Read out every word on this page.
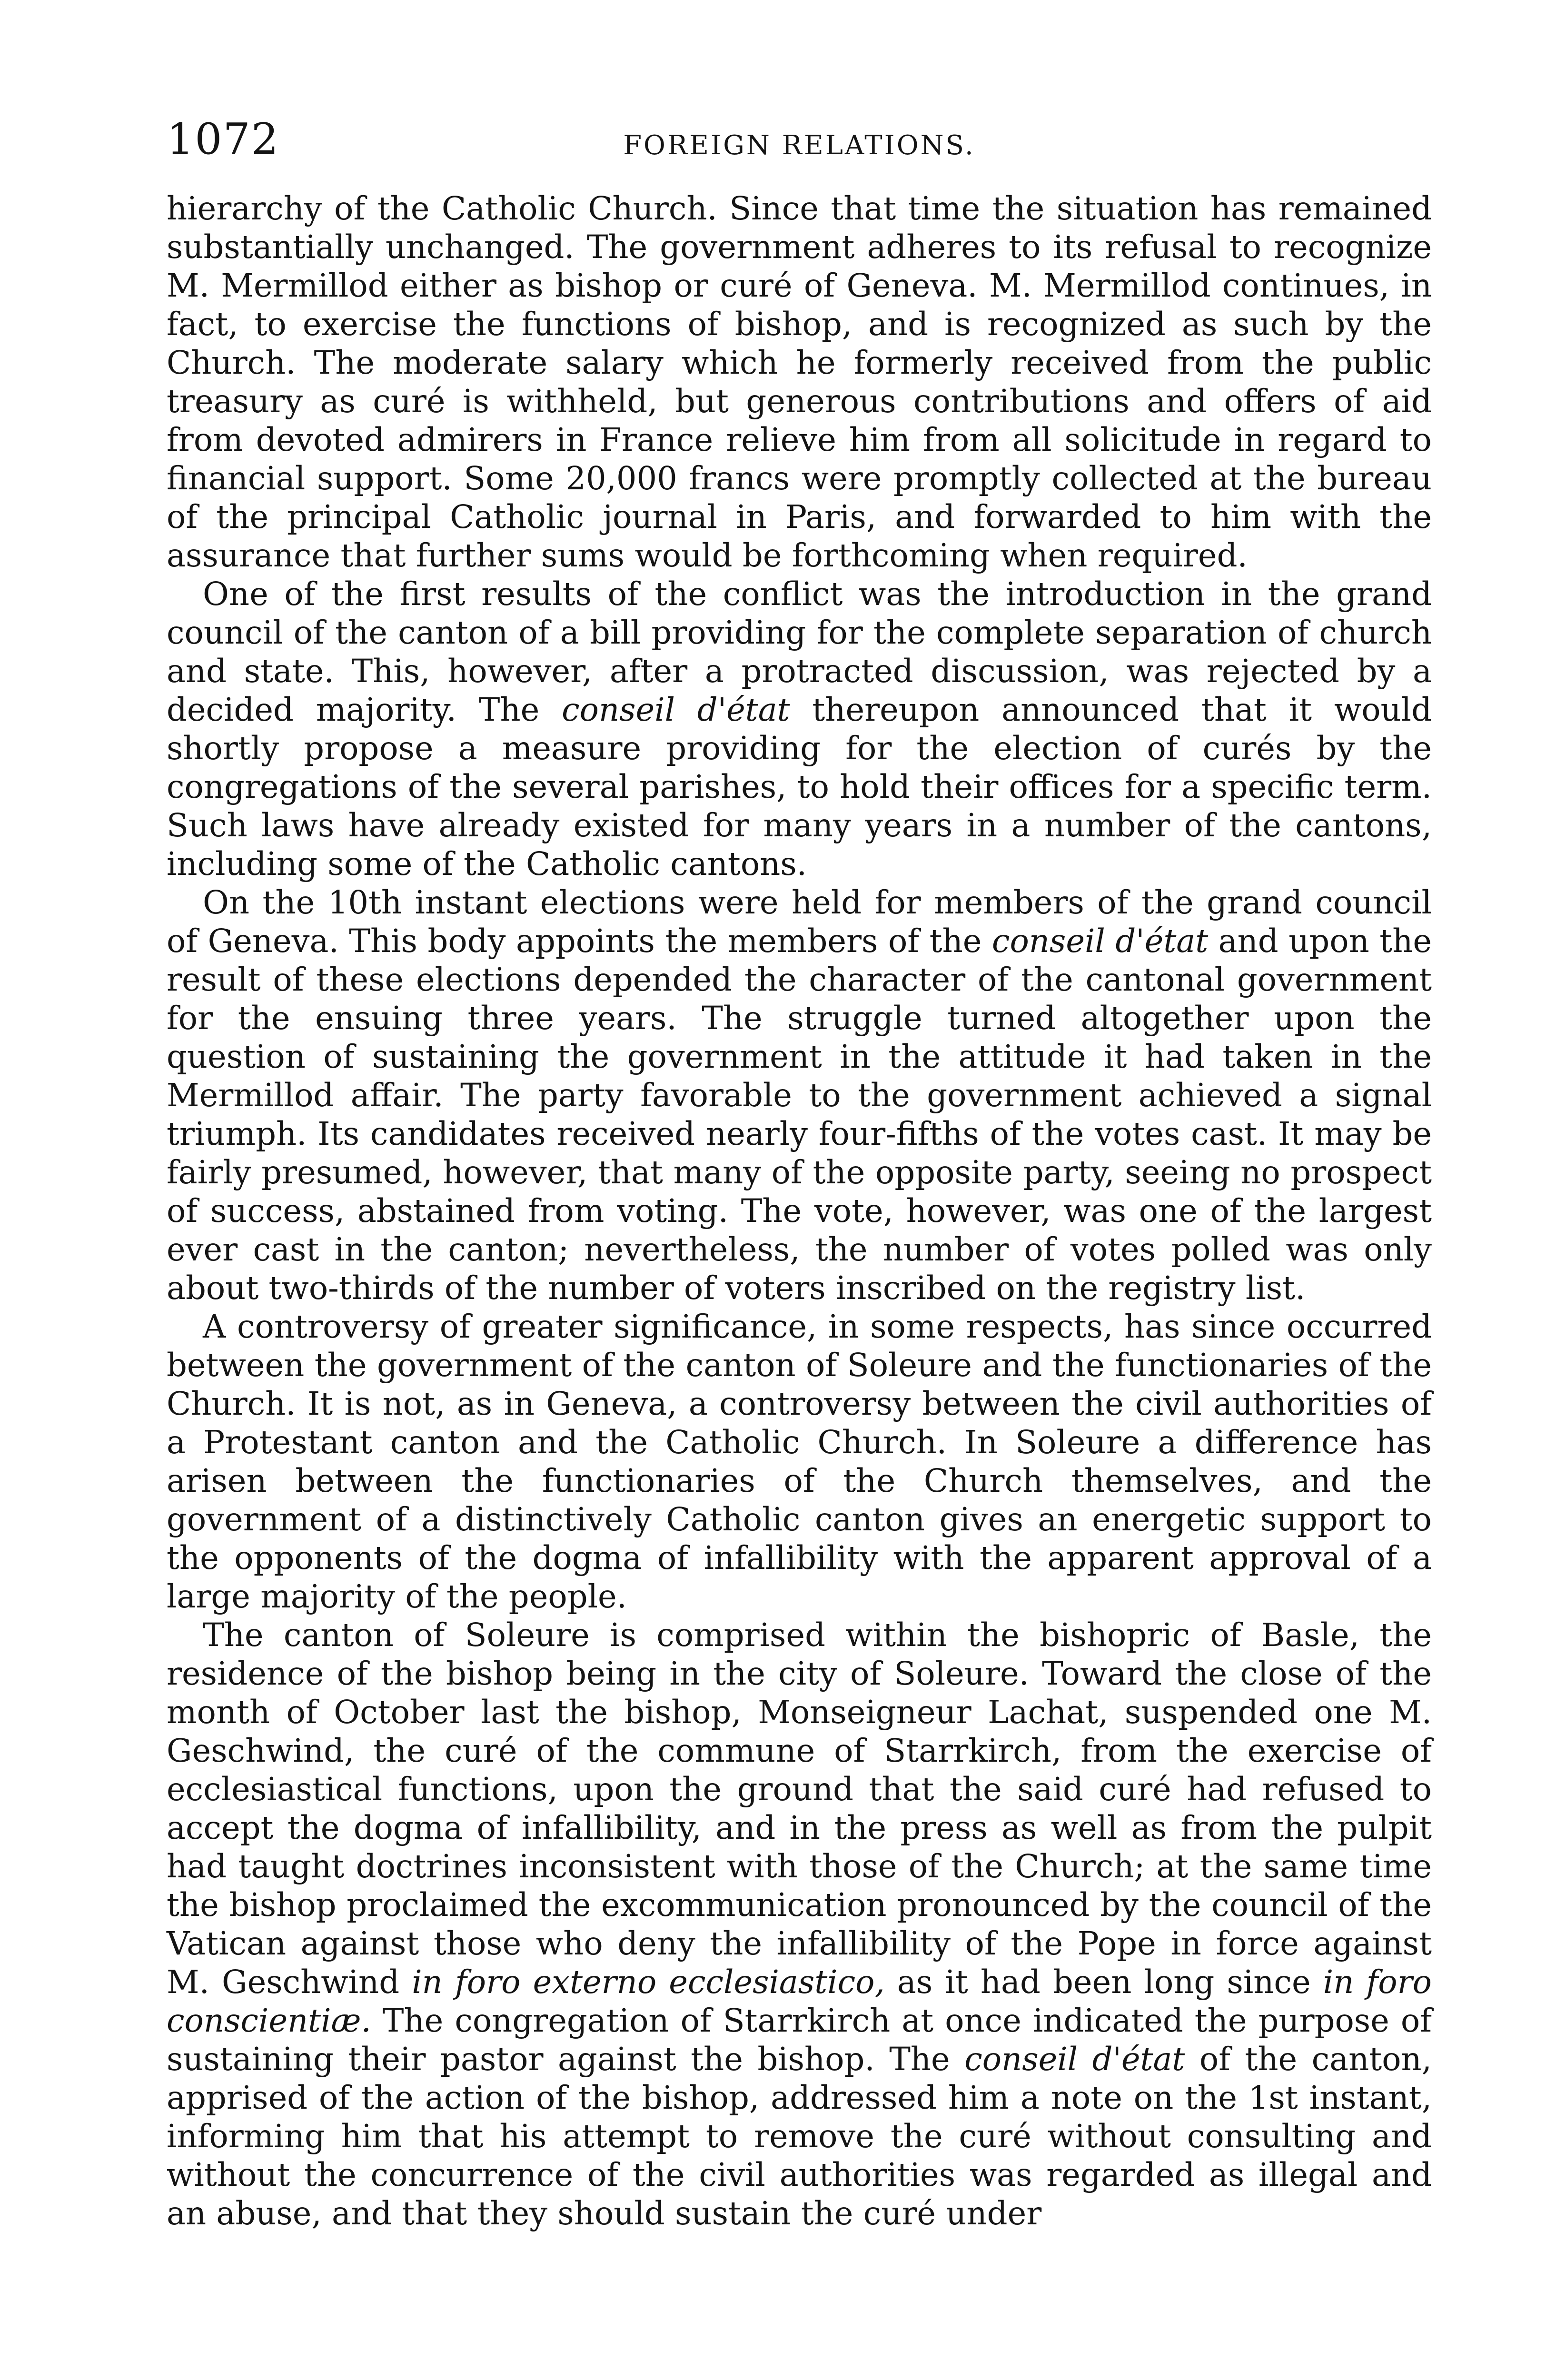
1072	FOREIGN RELATIONS.

hierarchy of the Catholic Church. Since that time the situation has remained substantially unchanged. The government adheres to its refusal to recognize M. Mermillod either as bishop or curé of Geneva. M. Mermillod continues, in fact, to exercise the functions of bishop, and is recognized as such by the Church. The moderate salary which he formerly received from the public treasury as curé is withheld, but generous contributions and offers of aid from devoted admirers in France relieve him from all solicitude in regard to financial support. Some 20,000 francs were promptly collected at the bureau of the principal Catholic journal in Paris, and forwarded to him with the assurance that further sums would be forthcoming when required.

One of the first results of the conflict was the introduction in the grand council of the canton of a bill providing for the complete separation of church and state. This, however, after a protracted discussion, was rejected by a decided majority. The conseil d'état thereupon announced that it would shortly propose a measure providing for the election of curés by the congregations of the several parishes, to hold their offices for a specific term. Such laws have already existed for many years in a number of the cantons, including some of the Catholic cantons.

On the 10th instant elections were held for members of the grand council of Geneva. This body appoints the members of the conseil d'état and upon the result of these elections depended the character of the cantonal government for the ensuing three years. The struggle turned altogether upon the question of sustaining the government in the attitude it had taken in the Mermillod affair. The party favorable to the government achieved a signal triumph. Its candidates received nearly four-fifths of the votes cast. It may be fairly presumed, however, that many of the opposite party, seeing no prospect of success, abstained from voting. The vote, however, was one of the largest ever cast in the canton; nevertheless, the number of votes polled was only about two-thirds of the number of voters inscribed on the registry list.

A controversy of greater significance, in some respects, has since occurred between the government of the canton of Soleure and the functionaries of the Church. It is not, as in Geneva, a controversy between the civil authorities of a Protestant canton and the Catholic Church. In Soleure a difference has arisen between the functionaries of the Church themselves, and the government of a distinctively Catholic canton gives an energetic support to the opponents of the dogma of infallibility with the apparent approval of a large majority of the people.

The canton of Soleure is comprised within the bishopric of Basle, the residence of the bishop being in the city of Soleure. Toward the close of the month of October last the bishop, Monseigneur Lachat, suspended one M. Geschwind, the curé of the commune of Starrkirch, from the exercise of ecclesiastical functions, upon the ground that the said curé had refused to accept the dogma of infallibility, and in the press as well as from the pulpit had taught doctrines inconsistent with those of the Church; at the same time the bishop proclaimed the excommunication pronounced by the council of the Vatican against those who deny the infallibility of the Pope in force against M. Geschwind in foro externo ecclesiastico, as it had been long since in foro conscientiæ. The congregation of Starrkirch at once indicated the purpose of sustaining their pastor against the bishop. The conseil d'état of the canton, apprised of the action of the bishop, addressed him a note on the 1st instant, informing him that his attempt to remove the curé without consulting and without the concurrence of the civil authorities was regarded as illegal and an abuse, and that they should sustain the curé under
